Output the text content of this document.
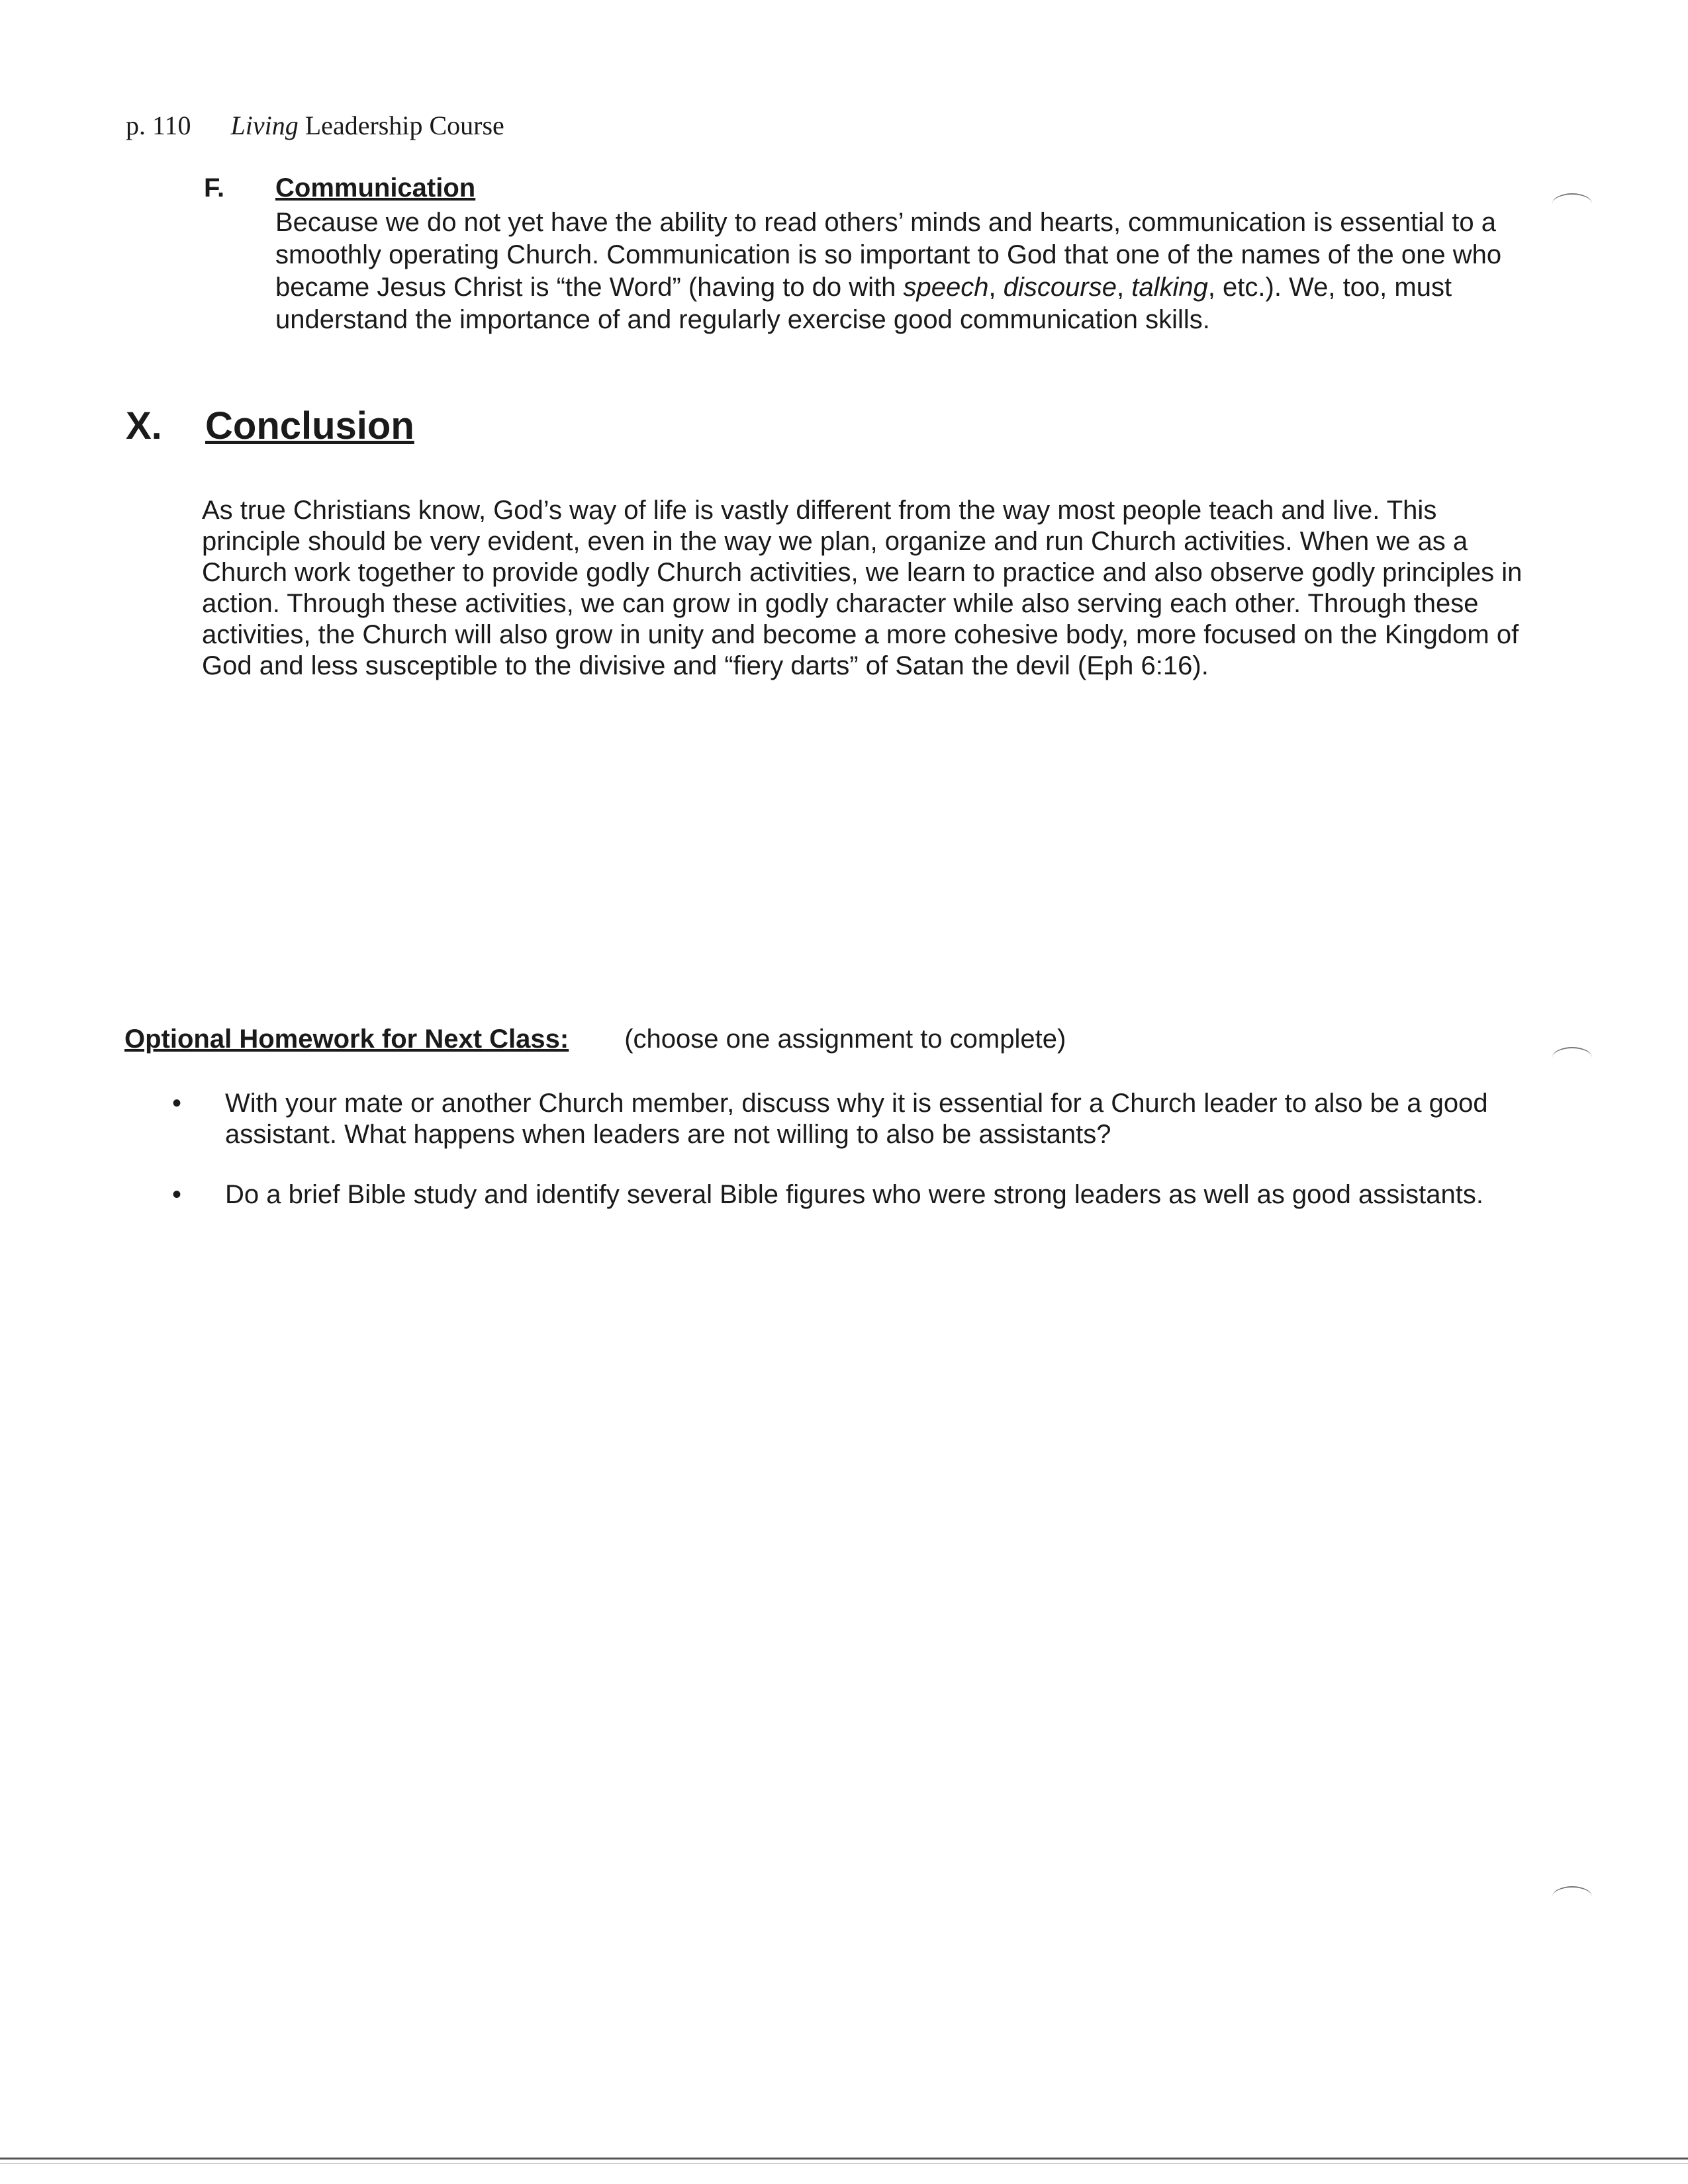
p. 110 Living Leadership Course
F. Communication
Because we do not yet have the ability to read others’ minds and hearts, communication is essential to a smoothly operating Church. Communication is so important to God that one of the names of the one who became Jesus Christ is “the Word” (having to do with speech, discourse, talking, etc.). We, too, must understand the importance of and regularly exercise good communication skills.
X. Conclusion
As true Christians know, God’s way of life is vastly different from the way most people teach and live. This principle should be very evident, even in the way we plan, organize and run Church activities. When we as a Church work together to provide godly Church activities, we learn to practice and also observe godly principles in action. Through these activities, we can grow in godly character while also serving each other. Through these activities, the Church will also grow in unity and become a more cohesive body, more focused on the Kingdom of God and less susceptible to the divisive and “fiery darts” of Satan the devil (Eph 6:16).
Optional Homework for Next Class: (choose one assignment to complete)
• With your mate or another Church member, discuss why it is essential for a Church leader to also be a good assistant. What happens when leaders are not willing to also be assistants?
• Do a brief Bible study and identify several Bible figures who were strong leaders as well as good assistants.
